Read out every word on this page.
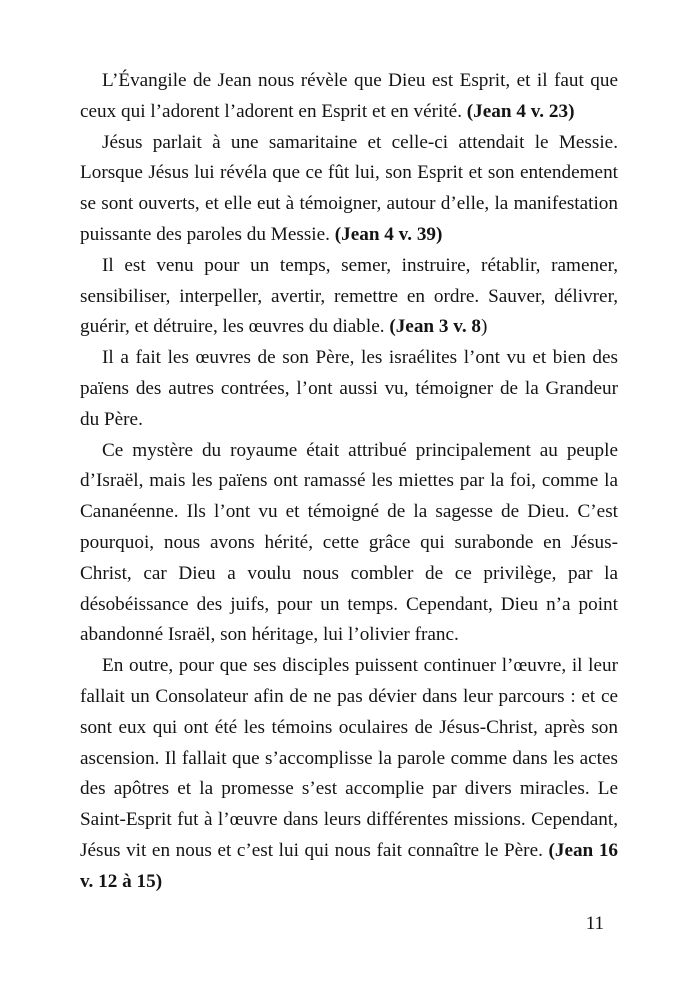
L’Évangile de Jean nous révèle que Dieu est Esprit, et il faut que ceux qui l’adorent l’adorent en Esprit et en vérité. (Jean 4 v. 23)

Jésus parlait à une samaritaine et celle-ci attendait le Messie. Lorsque Jésus lui révéla que ce fût lui, son Esprit et son entendement se sont ouverts, et elle eut à témoigner, autour d’elle, la manifestation puissante des paroles du Messie. (Jean 4 v. 39)

Il est venu pour un temps, semer, instruire, rétablir, ramener, sensibiliser, interpeller, avertir, remettre en ordre. Sauver, délivrer, guérir, et détruire, les œuvres du diable. (Jean 3 v. 8)

Il a fait les œuvres de son Père, les israélites l’ont vu et bien des païens des autres contrées, l’ont aussi vu, témoigner de la Grandeur du Père.

Ce mystère du royaume était attribué principalement au peuple d’Israël, mais les païens ont ramassé les miettes par la foi, comme la Cananéenne. Ils l’ont vu et témoigné de la sagesse de Dieu. C’est pourquoi, nous avons hérité, cette grâce qui surabonde en Jésus-Christ, car Dieu a voulu nous combler de ce privilège, par la désobéissance des juifs, pour un temps. Cependant, Dieu n’a point abandonné Israël, son héritage, lui l’olivier franc.

En outre, pour que ses disciples puissent continuer l’œuvre, il leur fallait un Consolateur afin de ne pas dévier dans leur parcours : et ce sont eux qui ont été les témoins oculaires de Jésus-Christ, après son ascension. Il fallait que s’accomplisse la parole comme dans les actes des apôtres et la promesse s’est accomplie par divers miracles. Le Saint-Esprit fut à l’œuvre dans leurs différentes missions. Cependant, Jésus vit en nous et c’est lui qui nous fait connaître le Père. (Jean 16 v. 12 à 15)

11
